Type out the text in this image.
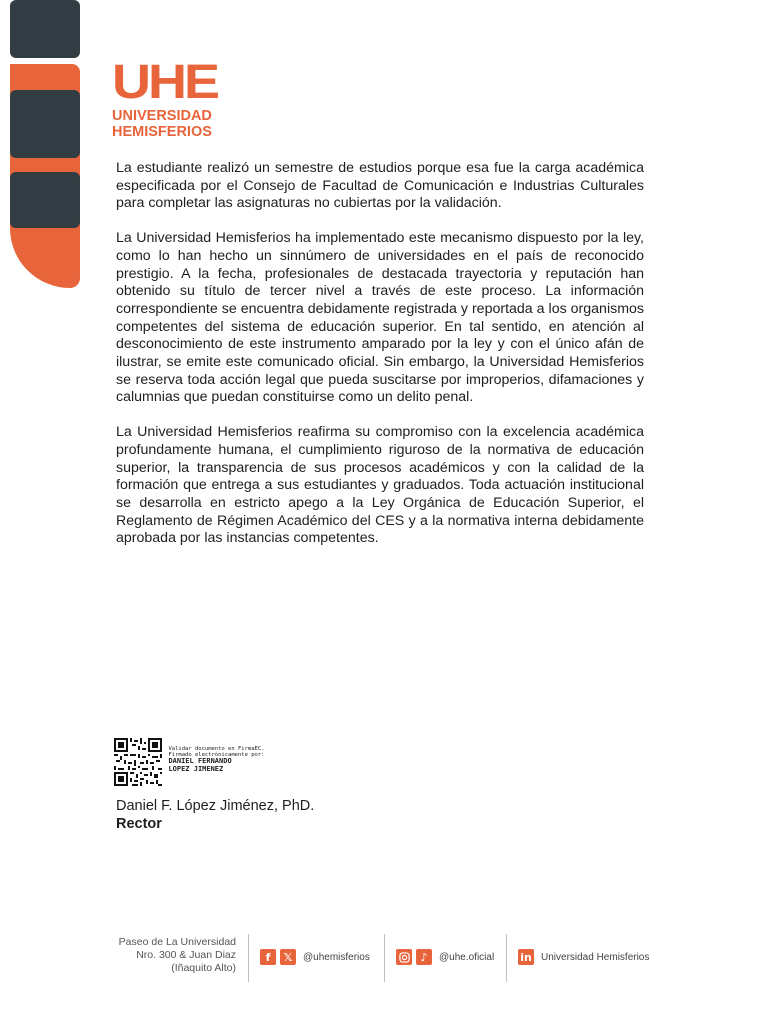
UHE
UNIVERSIDAD
HEMISFERIOS

La estudiante realizó un semestre de estudios porque esa fue la carga académica especificada por el Consejo de Facultad de Comunicación e Industrias Culturales para completar las asignaturas no cubiertas por la validación.

La Universidad Hemisferios ha implementado este mecanismo dispuesto por la ley, como lo han hecho un sinnúmero de universidades en el país de reconocido prestigio. A la fecha, profesionales de destacada trayectoria y reputación han obtenido su título de tercer nivel a través de este proceso. La información correspondiente se encuentra debidamente registrada y reportada a los organismos competentes del sistema de educación superior. En tal sentido, en atención al desconocimiento de este instrumento amparado por la ley y con el único afán de ilustrar, se emite este comunicado oficial. Sin embargo, la Universidad Hemisferios se reserva toda acción legal que pueda suscitarse por improperios, difamaciones y calumnias que puedan constituirse como un delito penal.

La Universidad Hemisferios reafirma su compromiso con la excelencia académica profundamente humana, el cumplimiento riguroso de la normativa de educación superior, la transparencia de sus procesos académicos y con la calidad de la formación que entrega a sus estudiantes y graduados. Toda actuación institucional se desarrolla en estricto apego a la Ley Orgánica de Educación Superior, el Reglamento de Régimen Académico del CES y a la normativa interna debidamente aprobada por las instancias competentes.

Validar documento en FirmaEC.
Firmado electrónicamente por:
DANIEL FERNANDO
LOPEZ JIMENEZ
Daniel F. López Jiménez, PhD.
Rector
Paseo de La Universidad
Nro. 300 & Juan Diaz
(Iñaquito Alto)
f	𝕏	@uhemisferios	♪	@uhe.oficial in Universidad Hemisferios
